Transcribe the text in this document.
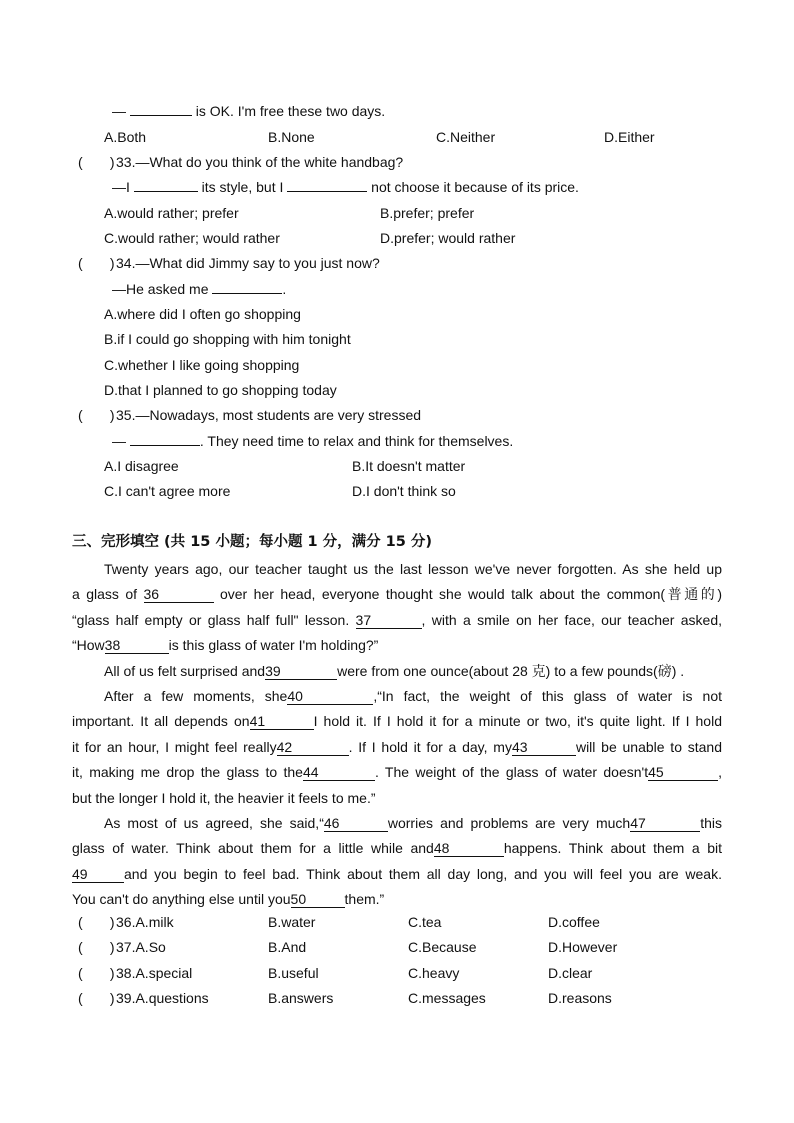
—	is OK. I'm free these two days.
A.Both	B.None	C.Neither	D.Either
(       ) 33.—What do you think of the white handbag?
—I	its style, but I	not choose it because of its price.
A.would rather; prefer	B.prefer; prefer
C.would rather; would rather	D.prefer; would rather
(       ) 34.—What did Jimmy say to you just now?
—He asked me	.
A.where did I often go shopping
B.if I could go shopping with him tonight
C.whether I like going shopping
D.that I planned to go shopping today
(       ) 35.—Nowadays, most students are very stressed
—	. They need time to relax and think for themselves.
A.I disagree	B.It doesn't matter
C.I can't agree more	D.I don't think so
三、完形填空 (共 15 小题；每小题 1 分，满分 15 分)
Twenty years ago, our teacher taught us the last lesson we've never forgotten. As she held up
a glass of 36	over her head, everyone thought she would talk about the common(普通的)
“glass half empty or glass half full" lesson. 37	, with a smile on her face, our teacher asked,
“How38	is this glass of water I'm holding?”
All of us felt surprised and39	were from one ounce(about 28 克) to a few pounds(磅) .
After a few moments, she40	,“In fact, the weight of this glass of water is not
important. It all depends on41	I hold it. If I hold it for a minute or two, it's quite light. If I hold
it for an hour, I might feel really42	. If I hold it for a day, my43	will be unable to stand
it, making me drop the glass to the44	. The weight of the glass of water doesn't45	,
but the longer I hold it, the heavier it feels to me.”
As most of us agreed, she said,“46	worries and problems are very much47	this
glass of water. Think about them for a little while and48	happens. Think about them a bit
49	and you begin to feel bad. Think about them all day long, and you will feel you are weak.
You can't do anything else until you50	them.”
(       ) 36.A.milk	B.water	C.tea	D.coffee
(       ) 37.A.So	B.And	C.Because	D.However
(       ) 38.A.special	B.useful	C.heavy	D.clear
(       ) 39.A.questions	B.answers	C.messages	D.reasons
